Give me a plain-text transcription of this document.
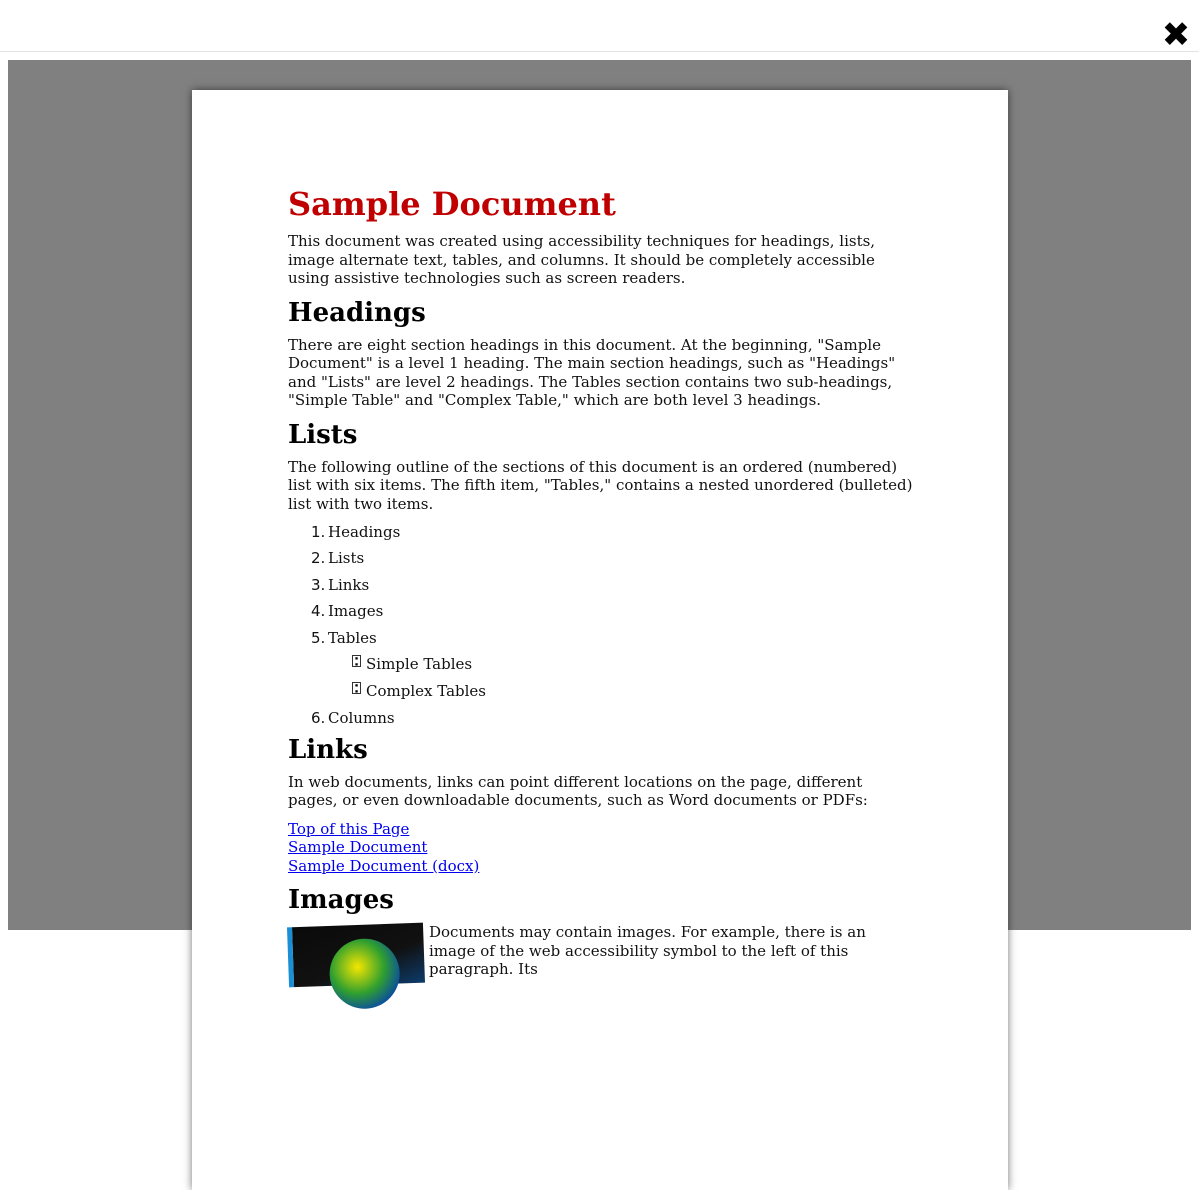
✖
Sample Document

This document was created using accessibility techniques for headings, lists, image alternate text, tables, and columns. It should be completely accessible using assistive technologies such as screen readers.

Headings

There are eight section headings in this document. At the beginning, "Sample Document" is a level 1 heading. The main section headings, such as "Headings" and "Lists" are level 2 headings. The Tables section contains two sub-headings, "Simple Table" and "Complex Table," which are both level 3 headings.

Lists

The following outline of the sections of this document is an ordered (numbered) list with six items. The fifth item, "Tables," contains a nested unordered (bulleted) list with two items.

1. Headings
2. Lists
3. Links
4. Images
5. Tables
▪
▪ Simple Tables
▪
▪ Complex Tables
6. Columns
Links

In web documents, links can point different locations on the page, different pages, or even downloadable documents, such as Word documents or PDFs:

Top of this Page
Sample Document
Sample Document (docx)
Images

Documents may contain images. For example, there is an image of the web accessibility symbol to the left of this paragraph. Its
